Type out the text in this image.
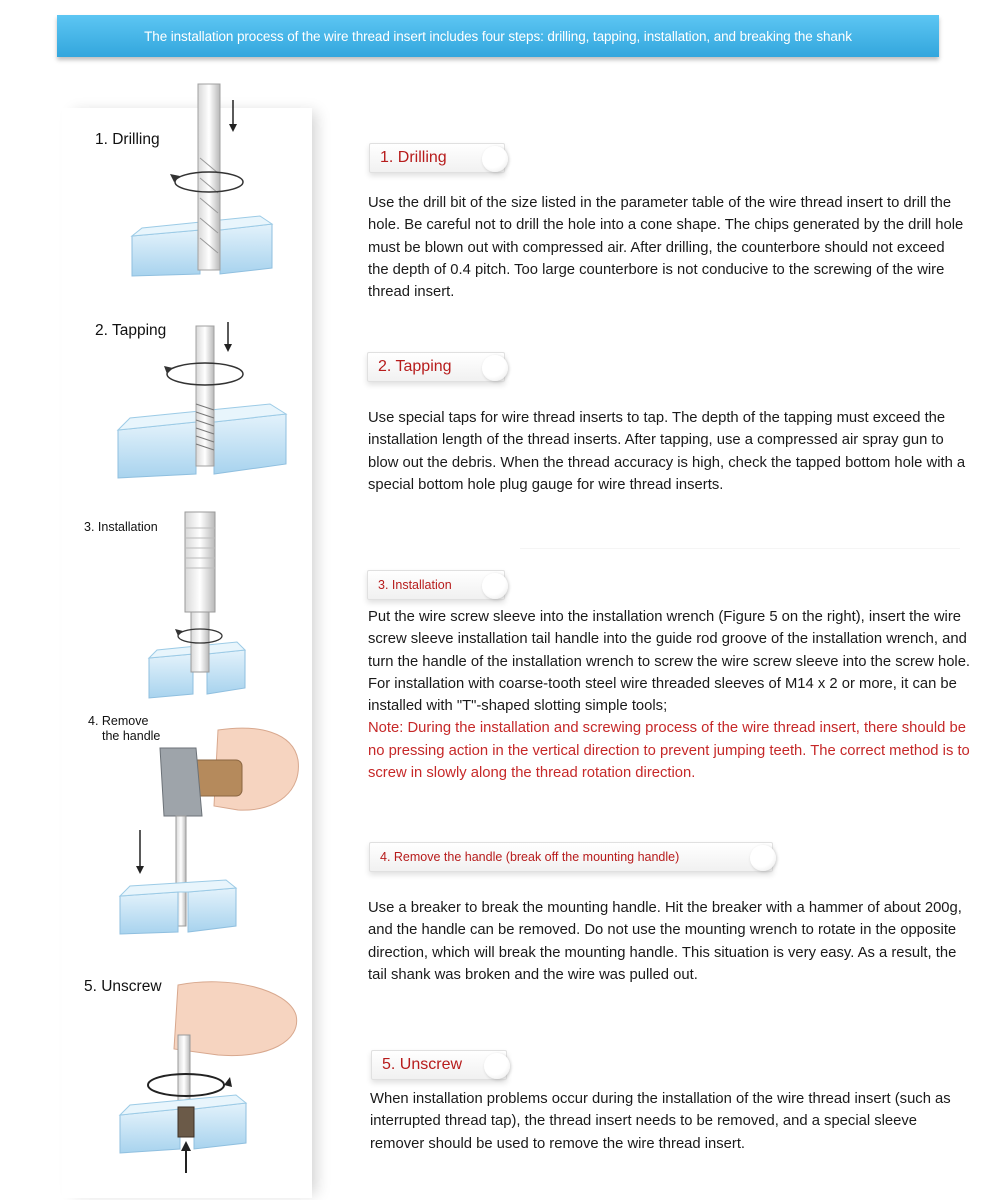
The installation process of the wire thread insert includes four steps: drilling, tapping, installation, and breaking the shank
1. Drilling
2. Tapping
3. Installation
4. Remove
the handle
5. Unscrew
1. Drilling
Use the drill bit of the size listed in the parameter table of the wire thread insert to drill the hole. Be careful not to drill the hole into a cone shape. The chips generated by the drill hole must be blown out with compressed air. After drilling, the counterbore should not exceed the depth of 0.4 pitch. Too large counterbore is not conducive to the screwing of the wire thread insert.
2. Tapping
Use special taps for wire thread inserts to tap. The depth of the tapping must exceed the installation length of the thread inserts. After tapping, use a compressed air spray gun to blow out the debris. When the thread accuracy is high, check the tapped bottom hole with a special bottom hole plug gauge for wire thread inserts.
3. Installation
Put the wire screw sleeve into the installation wrench (Figure 5 on the right), insert the wire screw sleeve installation tail handle into the guide rod groove of the installation wrench, and turn the handle of the installation wrench to screw the wire screw sleeve into the screw hole. For installation with coarse-tooth steel wire threaded sleeves of M14 x 2 or more, it can be installed with "T"-shaped slotting simple tools;
Note: During the installation and screwing process of the wire thread insert, there should be no pressing action in the vertical direction to prevent jumping teeth. The correct method is to screw in slowly along the thread rotation direction.
4. Remove the handle (break off the mounting handle)
Use a breaker to break the mounting handle. Hit the breaker with a hammer of about 200g, and the handle can be removed. Do not use the mounting wrench to rotate in the opposite direction, which will break the mounting handle. This situation is very easy. As a result, the tail shank was broken and the wire was pulled out.
5. Unscrew
When installation problems occur during the installation of the wire thread insert (such as interrupted thread tap), the thread insert needs to be removed, and a special sleeve remover should be used to remove the wire thread insert.
